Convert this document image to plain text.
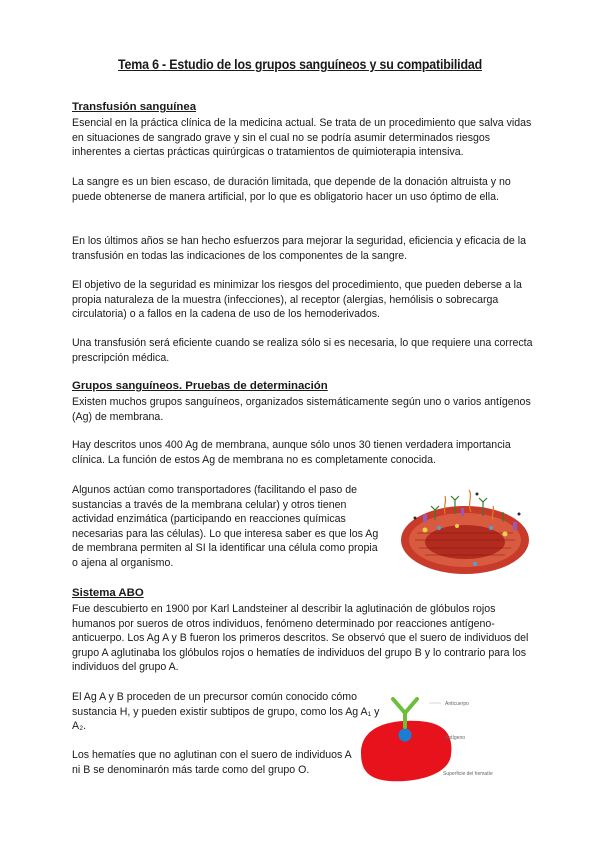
Tema 6 - Estudio de los grupos sanguíneos y su compatibilidad
Transfusión sanguínea

Esencial en la práctica clínica de la medicina actual. Se trata de un procedimiento que salva vidas en situaciones de sangrado grave y sin el cual no se podría asumir determinados riesgos inherentes a ciertas prácticas quirúrgicas o tratamientos de quimioterapia intensiva.

La sangre es un bien escaso, de duración limitada, que depende de la donación altruista y no puede obtenerse de manera artificial, por lo que es obligatorio hacer un uso óptimo de ella.

En los últimos años se han hecho esfuerzos para mejorar la seguridad, eficiencia y eficacia de la transfusión en todas las indicaciones de los componentes de la sangre.

El objetivo de la seguridad es minimizar los riesgos del procedimiento, que pueden deberse a la propia naturaleza de la muestra (infecciones), al receptor (alergias, hemólisis o sobrecarga circulatoria) o a fallos en la cadena de uso de los hemoderivados.

Una transfusión será eficiente cuando se realiza sólo si es necesaria, lo que requiere una correcta prescripción médica.

Grupos sanguíneos. Pruebas de determinación

Existen muchos grupos sanguíneos, organizados sistemáticamente según uno o varios antígenos (Ag) de membrana.

Hay descritos unos 400 Ag de membrana, aunque sólo unos 30 tienen verdadera importancia clínica. La función de estos Ag de membrana no es completamente conocida.

Algunos actúan como transportadores (facilitando el paso de sustancias a través de la membrana celular) y otros tienen actividad enzimática (participando en reacciones químicas necesarias para las células). Lo que interesa saber es que los Ag de membrana permiten al SI la identificar una célula como propia o ajena al organismo.

Sistema ABO

Fue descubierto en 1900 por Karl Landsteiner al describir la aglutinación de glóbulos rojos humanos por sueros de otros individuos, fenómeno determinado por reacciones antígeno-anticuerpo. Los Ag A y B fueron los primeros descritos. Se observó que el suero de individuos del grupo A aglutinaba los glóbulos rojos o hematíes de individuos del grupo B y lo contrario para los individuos del grupo A.

El Ag A y B proceden de un precursor común conocido cómo sustancia H, y pueden existir subtipos de grupo, como los Ag A₁ y A₂.

Los hematíes que no aglutinan con el suero de individuos A ni B se denominarón más tarde como del grupo O.

Anticuerpo
Antígeno
Superficie del hematíe
